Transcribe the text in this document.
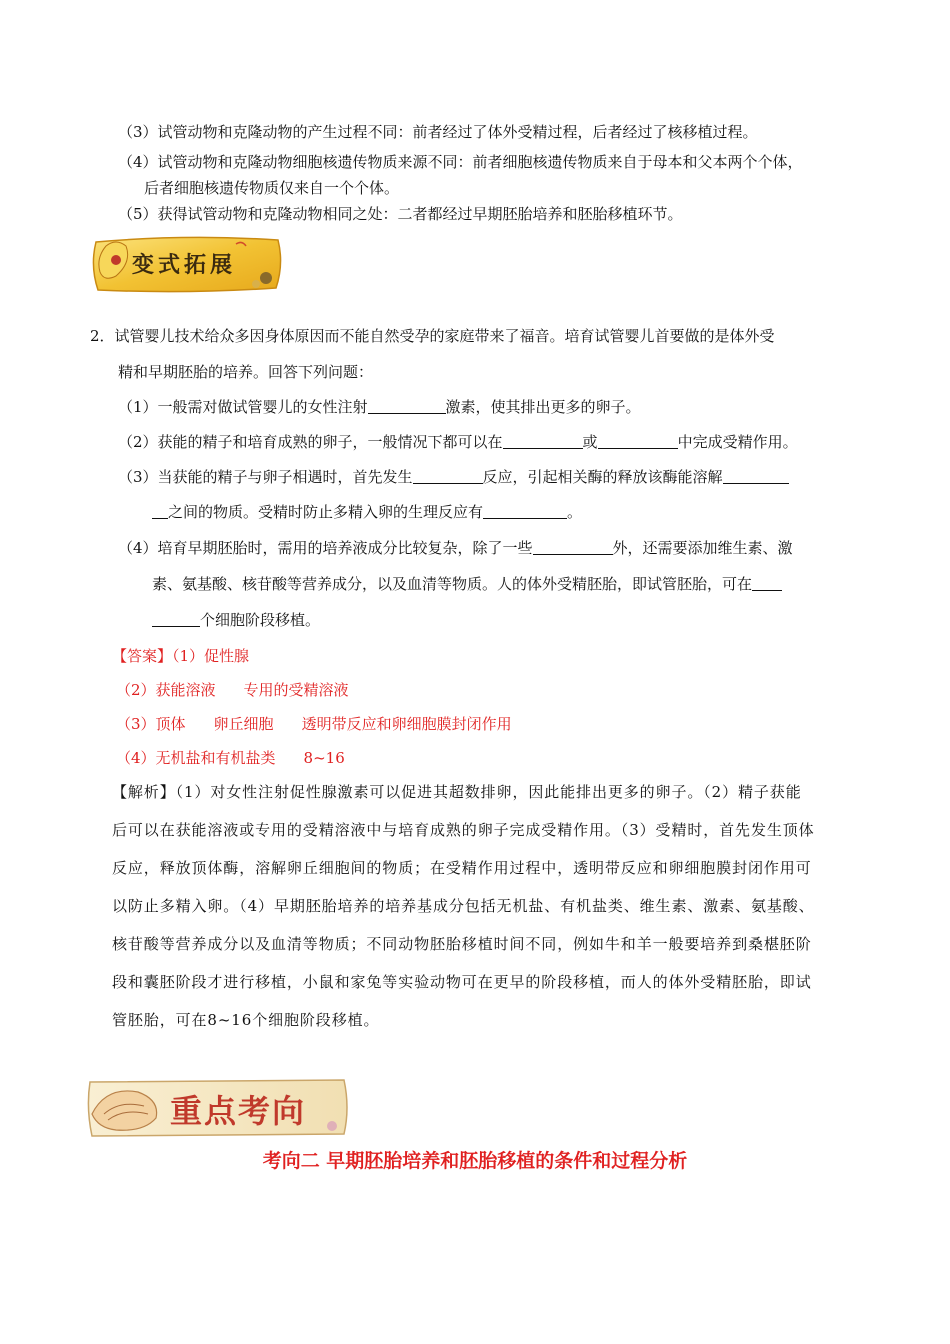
（3）试管动物和克隆动物的产生过程不同：前者经过了体外受精过程，后者经过了核移植过程。
（4）试管动物和克隆动物细胞核遗传物质来源不同：前者细胞核遗传物质来自于母本和父本两个个体，
后者细胞核遗传物质仅来自一个个体。
（5）获得试管动物和克隆动物相同之处：二者都经过早期胚胎培养和胚胎移植环节。
变式拓展
2．试管婴儿技术给众多因身体原因而不能自然受孕的家庭带来了福音。培育试管婴儿首要做的是体外受
精和早期胚胎的培养。回答下列问题：
（1）一般需对做试管婴儿的女性注射	激素，使其排出更多的卵子。
（2）获能的精子和培育成熟的卵子，一般情况下都可以在	或	中完成受精作用。
（3）当获能的精子与卵子相遇时，首先发生	反应，引起相关酶的释放该酶能溶解
之间的物质。受精时防止多精入卵的生理反应有	。
（4）培育早期胚胎时，需用的培养液成分比较复杂，除了一些	外，还需要添加维生素、激
素、氨基酸、核苷酸等营养成分，以及血清等物质。人的体外受精胚胎，即试管胚胎，可在
个细胞阶段移植。
【答案】（1）促性腺
（2）获能溶液 专用的受精溶液
（3）顶体 卵丘细胞 透明带反应和卵细胞膜封闭作用
（4）无机盐和有机盐类 8~16
【解析】（1）对女性注射促性腺激素可以促进其超数排卵，因此能排出更多的卵子。（2）精子获能
后可以在获能溶液或专用的受精溶液中与培育成熟的卵子完成受精作用。（3）受精时，首先发生顶体
反应，释放顶体酶，溶解卵丘细胞间的物质；在受精作用过程中，透明带反应和卵细胞膜封闭作用可
以防止多精入卵。（4）早期胚胎培养的培养基成分包括无机盐、有机盐类、维生素、激素、氨基酸、
核苷酸等营养成分以及血清等物质；不同动物胚胎移植时间不同，例如牛和羊一般要培养到桑椹胚阶
段和囊胚阶段才进行移植，小鼠和家兔等实验动物可在更早的阶段移植，而人的体外受精胚胎，即试
管胚胎，可在8~16个细胞阶段移植。
重点考向
考向二 早期胚胎培养和胚胎移植的条件和过程分析
